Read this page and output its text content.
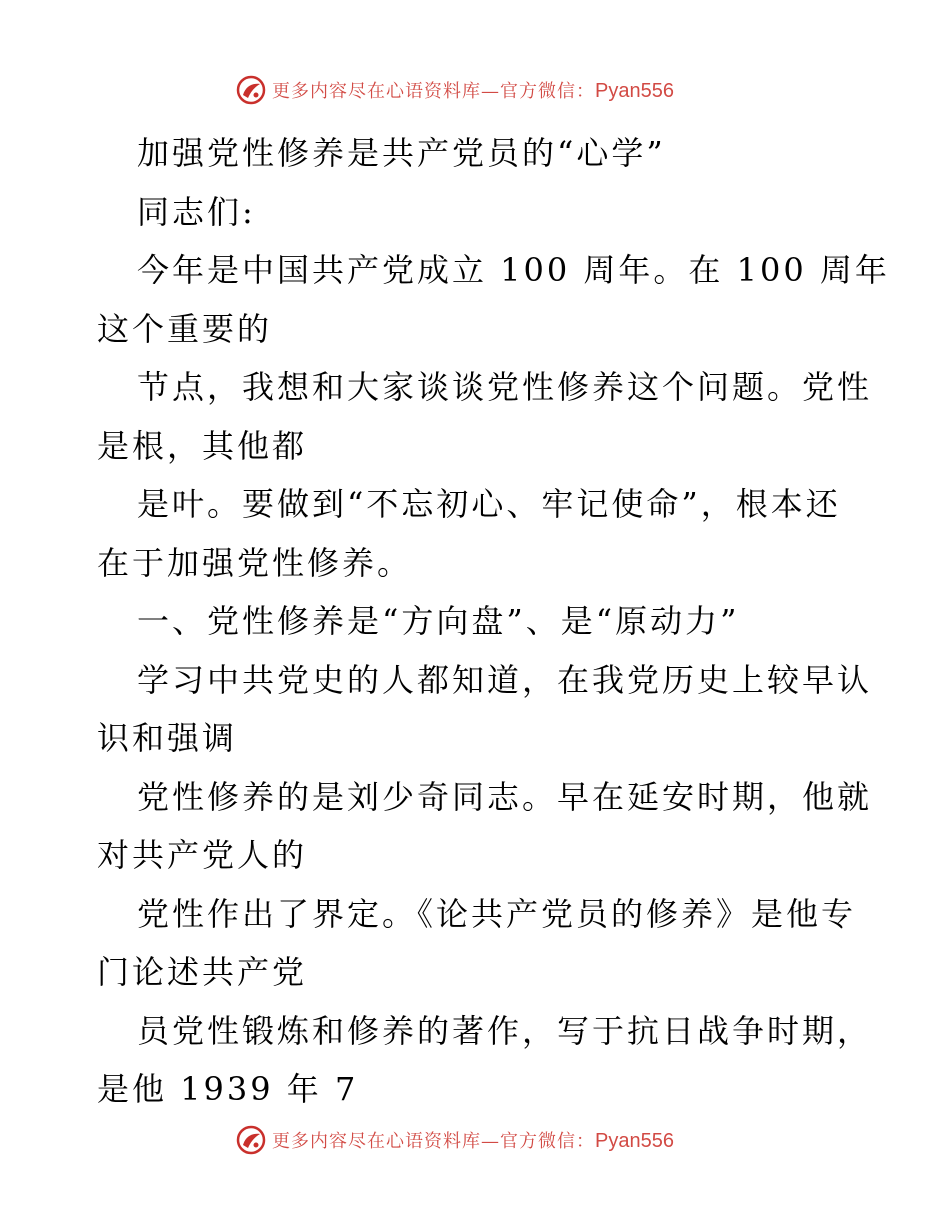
更多内容尽在心语资料库—官方微信：Pyan556
加强党性修养是共产党员的“心学”
同志们:
今年是中国共产党成立 100 周年。在 100 周年
这个重要的
节点，我想和大家谈谈党性修养这个问题。党性
是根，其他都
是叶。要做到“不忘初心、牢记使命”，根本还
在于加强党性修养。
一、党性修养是“方向盘”、是“原动力”
学习中共党史的人都知道，在我党历史上较早认
识和强调
党性修养的是刘少奇同志。早在延安时期，他就
对共产党人的
党性作出了界定。《论共产党员的修养》是他专
门论述共产党
员党性锻炼和修养的著作，写于抗日战争时期，
是他 1939 年 7
更多内容尽在心语资料库—官方微信：Pyan556
